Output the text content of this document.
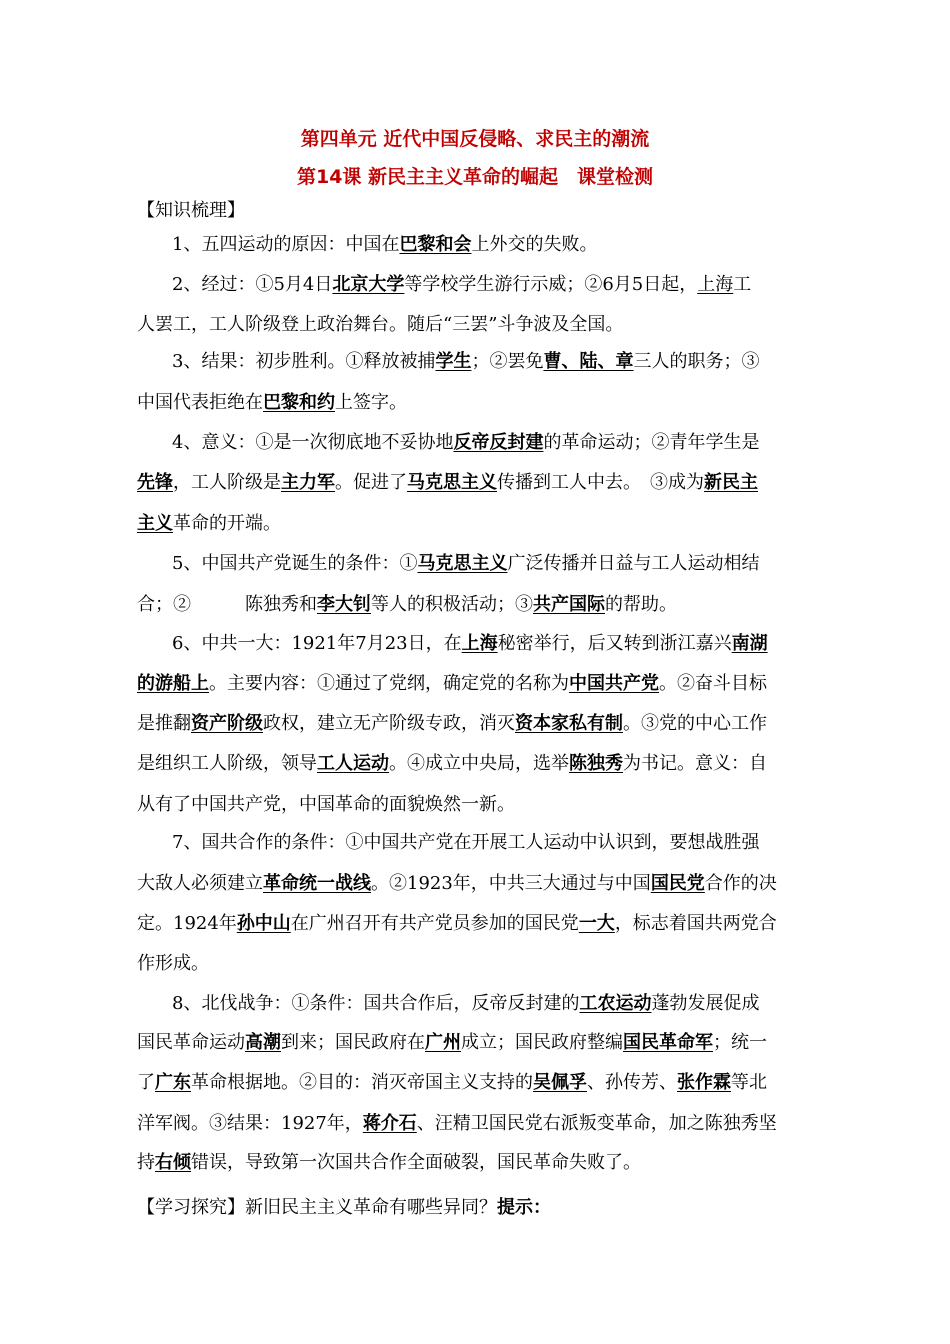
第四单元 近代中国反侵略、求民主的潮流
第14课 新民主主义革命的崛起　课堂检测
【知识梳理】
1、五四运动的原因：中国在巴黎和会上外交的失败。
2、经过：①5月4日北京大学等学校学生游行示威；②6月5日起，上海工
人罢工，工人阶级登上政治舞台。随后“三罢”斗争波及全国。
3、结果：初步胜利。①释放被捕学生；②罢免曹、陆、章三人的职务；③
中国代表拒绝在巴黎和约上签字。
4、意义：①是一次彻底地不妥协地反帝反封建的革命运动；②青年学生是
先锋，工人阶级是主力军。促进了马克思主义传播到工人中去。　③成为新民主
主义革命的开端。
5、中国共产党诞生的条件：①马克思主义广泛传播并日益与工人运动相结
合；②　　　陈独秀和李大钊等人的积极活动；③共产国际的帮助。
6、中共一大：1921年7月23日，在上海秘密举行，后又转到浙江嘉兴南湖
的游船上。主要内容：①通过了党纲，确定党的名称为中国共产党。②奋斗目标
是推翻资产阶级政权，建立无产阶级专政，消灭资本家私有制。③党的中心工作
是组织工人阶级，领导工人运动。④成立中央局，选举陈独秀为书记。意义：自
从有了中国共产党，中国革命的面貌焕然一新。
7、国共合作的条件：①中国共产党在开展工人运动中认识到，要想战胜强
大敌人必须建立革命统一战线。②1923年，中共三大通过与中国国民党合作的决
定。1924年孙中山在广州召开有共产党员参加的国民党一大，标志着国共两党合
作形成。
8、北伐战争：①条件：国共合作后，反帝反封建的工农运动蓬勃发展促成
国民革命运动高潮到来；国民政府在广州成立；国民政府整编国民革命军；统一
了广东革命根据地。②目的：消灭帝国主义支持的吴佩孚、孙传芳、张作霖等北
洋军阀。③结果：1927年，蒋介石、汪精卫国民党右派叛变革命，加之陈独秀坚
持右倾错误，导致第一次国共合作全面破裂，国民革命失败了。
【学习探究】新旧民主主义革命有哪些异同？提示：
